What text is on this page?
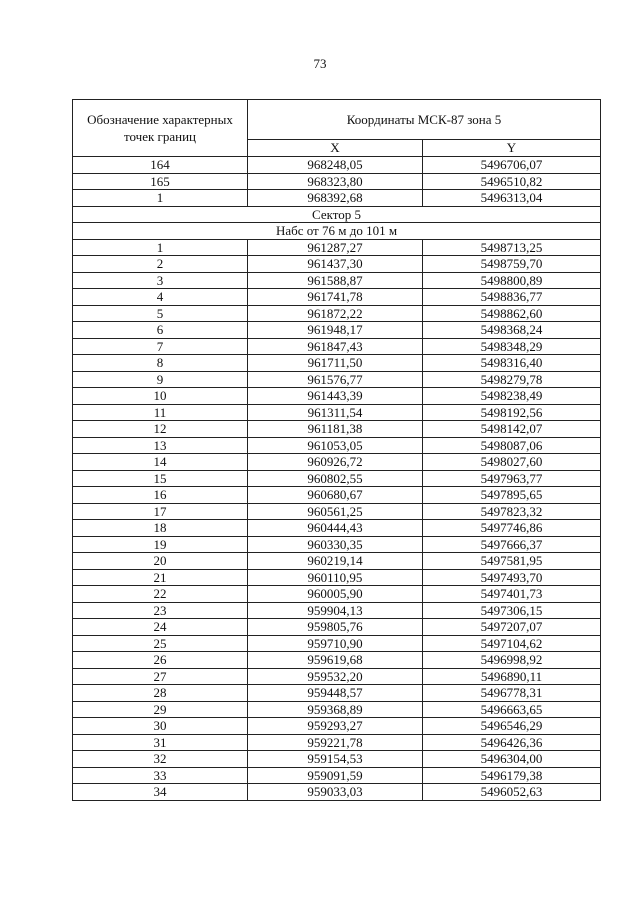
73
Обозначение характерных точек границ	Координаты МСК-87 зона 5	
	X	Y
164	968248,05	5496706,07
165	968323,80	5496510,82
1	968392,68	5496313,04
Сектор 5		
Набс от 76 м до 101 м		
1	961287,27	5498713,25
2	961437,30	5498759,70
3	961588,87	5498800,89
4	961741,78	5498836,77
5	961872,22	5498862,60
6	961948,17	5498368,24
7	961847,43	5498348,29
8	961711,50	5498316,40
9	961576,77	5498279,78
10	961443,39	5498238,49
11	961311,54	5498192,56
12	961181,38	5498142,07
13	961053,05	5498087,06
14	960926,72	5498027,60
15	960802,55	5497963,77
16	960680,67	5497895,65
17	960561,25	5497823,32
18	960444,43	5497746,86
19	960330,35	5497666,37
20	960219,14	5497581,95
21	960110,95	5497493,70
22	960005,90	5497401,73
23	959904,13	5497306,15
24	959805,76	5497207,07
25	959710,90	5497104,62
26	959619,68	5496998,92
27	959532,20	5496890,11
28	959448,57	5496778,31
29	959368,89	5496663,65
30	959293,27	5496546,29
31	959221,78	5496426,36
32	959154,53	5496304,00
33	959091,59	5496179,38
34	959033,03	5496052,63
